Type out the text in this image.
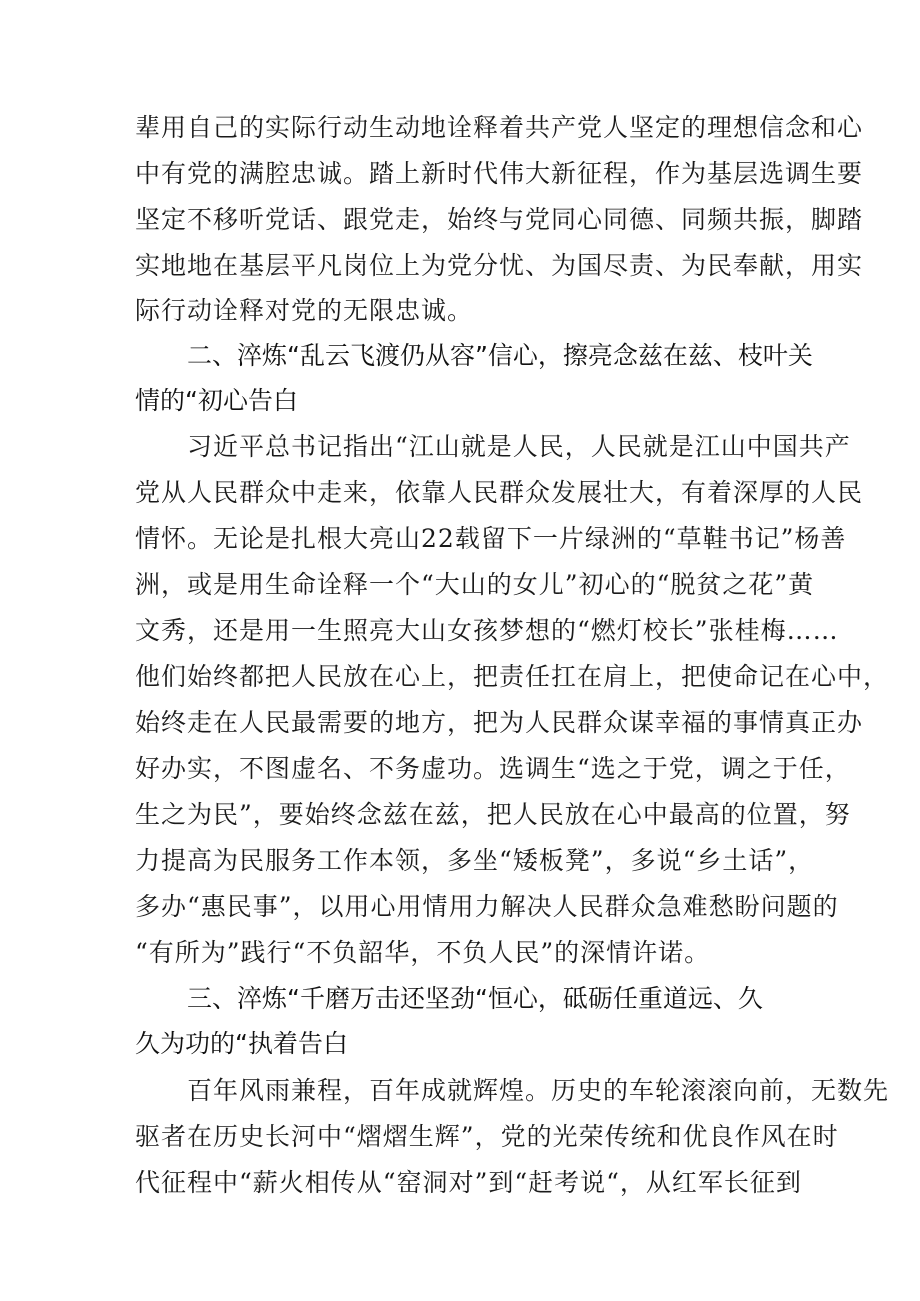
辈用自己的实际行动生动地诠释着共产党人坚定的理想信念和心
中有党的满腔忠诚。踏上新时代伟大新征程，作为基层选调生要
坚定不移听党话、跟党走，始终与党同心同德、同频共振，脚踏
实地地在基层平凡岗位上为党分忧、为国尽责、为民奉献，用实
际行动诠释对党的无限忠诚。
二、淬炼“乱云飞渡仍从容”信心，擦亮念兹在兹、枝叶关
情的“初心告白
习近平总书记指出“江山就是人民，人民就是江山中国共产
党从人民群众中走来，依靠人民群众发展壮大，有着深厚的人民
情怀。无论是扎根大亮山22载留下一片绿洲的“草鞋书记”杨善
洲，或是用生命诠释一个“大山的女儿”初心的“脱贫之花”黄
文秀，还是用一生照亮大山女孩梦想的“燃灯校长”张桂梅……
他们始终都把人民放在心上，把责任扛在肩上，把使命记在心中，
始终走在人民最需要的地方，把为人民群众谋幸福的事情真正办
好办实，不图虚名、不务虚功。选调生“选之于党，调之于任，
生之为民”，要始终念兹在兹，把人民放在心中最高的位置，努
力提高为民服务工作本领，多坐“矮板凳”，多说“乡土话”，
多办“惠民事”，以用心用情用力解决人民群众急难愁盼问题的
“有所为”践行“不负韶华，不负人民”的深情许诺。
三、淬炼“千磨万击还坚劲“恒心，砥砺任重道远、久
久为功的“执着告白
百年风雨兼程，百年成就辉煌。历史的车轮滚滚向前，无数先
驱者在历史长河中“熠熠生辉”，党的光荣传统和优良作风在时
代征程中“薪火相传从“窑洞对”到“赶考说“，从红军长征到
